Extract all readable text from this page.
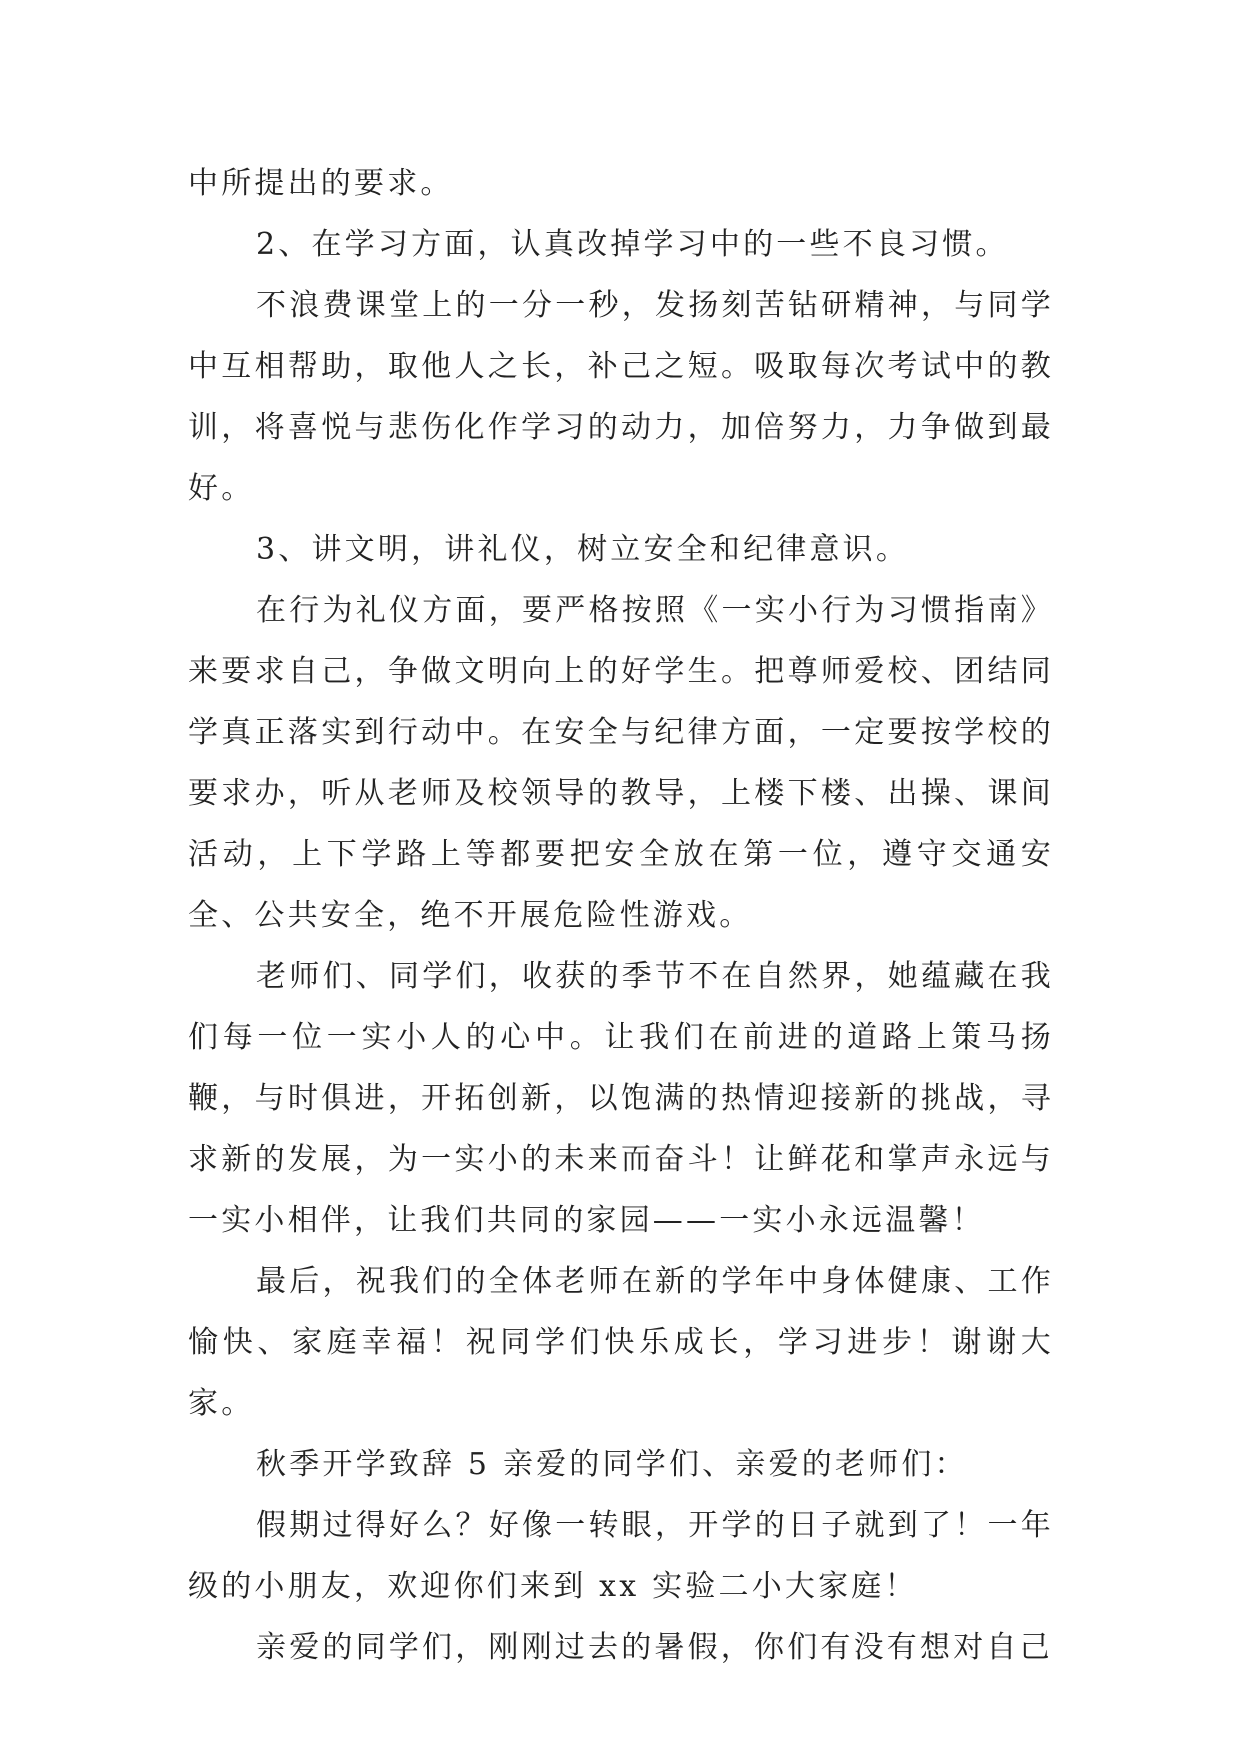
中所提出的要求。

2、在学习方面，认真改掉学习中的一些不良习惯。

不浪费课堂上的一分一秒，发扬刻苦钻研精神，与同学中互相帮助，取他人之长，补己之短。吸取每次考试中的教训，将喜悦与悲伤化作学习的动力，加倍努力，力争做到最好。

3、讲文明，讲礼仪，树立安全和纪律意识。

在行为礼仪方面，要严格按照《一实小行为习惯指南》来要求自己，争做文明向上的好学生。把尊师爱校、团结同学真正落实到行动中。在安全与纪律方面，一定要按学校的要求办，听从老师及校领导的教导，上楼下楼、出操、课间活动，上下学路上等都要把安全放在第一位，遵守交通安全、公共安全，绝不开展危险性游戏。

老师们、同学们，收获的季节不在自然界，她蕴藏在我们每一位一实小人的心中。让我们在前进的道路上策马扬鞭，与时俱进，开拓创新，以饱满的热情迎接新的挑战，寻求新的发展，为一实小的未来而奋斗！让鲜花和掌声永远与一实小相伴，让我们共同的家园——一实小永远温馨！

最后，祝我们的全体老师在新的学年中身体健康、工作愉快、家庭幸福！祝同学们快乐成长，学习进步！谢谢大家。

秋季开学致辞 5 亲爱的同学们、亲爱的老师们：

假期过得好么？好像一转眼，开学的日子就到了！一年级的小朋友，欢迎你们来到 xx 实验二小大家庭！

亲爱的同学们，刚刚过去的暑假，你们有没有想对自己
